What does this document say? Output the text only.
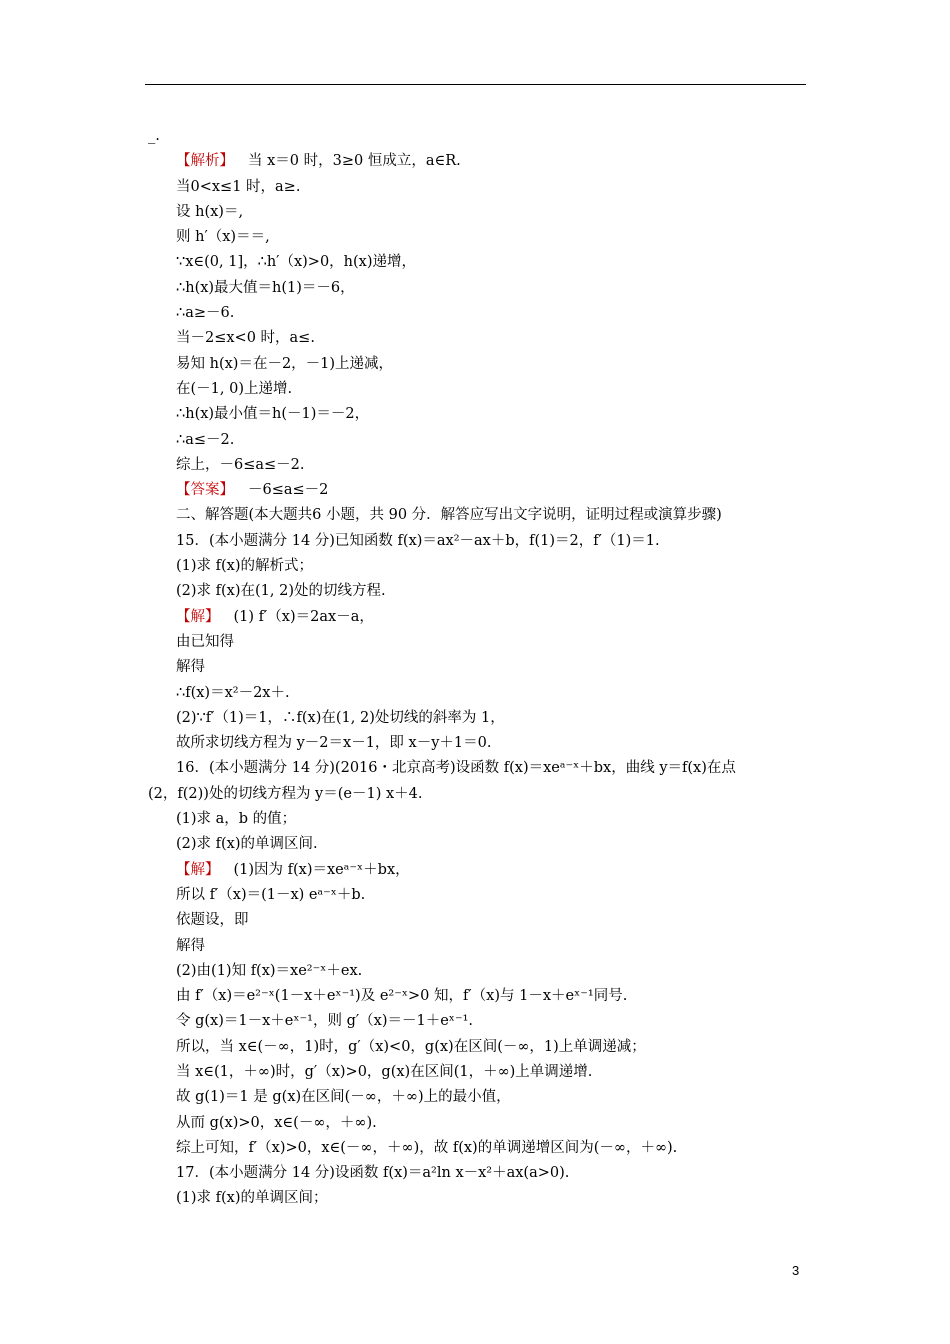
_.
【解析】 当 x＝0 时，3≥0 恒成立，a∈R.
当0<x≤1 时，a≥.
设 h(x)＝,
则 h′（x)＝＝,
∵x∈(0, 1]，∴h′（x)>0，h(x)递增，
∴h(x)最大值＝h(1)＝－6，
∴a≥－6.
当－2≤x<0 时，a≤.
易知 h(x)＝在－2，－1)上递减，
在(－1, 0)上递增.
∴h(x)最小值＝h(－1)＝－2，
∴a≤－2.
综上，－6≤a≤－2.
【答案】 －6≤a≤－2
二、解答题(本大题共6 小题，共 90 分．解答应写出文字说明，证明过程或演算步骤)
15．(本小题满分 14 分)已知函数 f(x)＝ax²－ax＋b，f(1)＝2，f′（1)＝1.
(1)求 f(x)的解析式；
(2)求 f(x)在(1, 2)处的切线方程.
【解】 (1) f′（x)＝2ax－a，
由已知得
解得
∴f(x)＝x²－2x＋.
(2)∵f′（1)＝1，∴f(x)在(1, 2)处切线的斜率为 1，
故所求切线方程为 y－2＝x－1，即 x－y＋1＝0.
16．(本小题满分 14 分)(2016・北京高考)设函数 f(x)＝xeᵃ⁻ˣ＋bx，曲线 y＝f(x)在点
(2，f(2))处的切线方程为 y＝(e－1) x＋4.
(1)求 a，b 的值；
(2)求 f(x)的单调区间.
【解】 (1)因为 f(x)＝xeᵃ⁻ˣ＋bx，
所以 f′（x)＝(1－x) eᵃ⁻ˣ＋b.
依题设，即
解得
(2)由(1)知 f(x)＝xe²⁻ˣ＋ex.
由 f′（x)＝e²⁻ˣ(1－x＋eˣ⁻¹)及 e²⁻ˣ>0 知，f′（x)与 1－x＋eˣ⁻¹同号.
令 g(x)＝1－x＋eˣ⁻¹，则 g′（x)＝－1＋eˣ⁻¹.
所以，当 x∈(－∞，1)时，g′（x)<0，g(x)在区间(－∞，1)上单调递减；
当 x∈(1，＋∞)时，g′（x)>0，g(x)在区间(1，＋∞)上单调递增.
故 g(1)＝1 是 g(x)在区间(－∞，＋∞)上的最小值，
从而 g(x)>0，x∈(－∞，＋∞).
综上可知，f′（x)>0，x∈(－∞，＋∞)，故 f(x)的单调递增区间为(－∞，＋∞).
17．(本小题满分 14 分)设函数 f(x)＝a²ln x－x²＋ax(a>0).
(1)求 f(x)的单调区间；
3
